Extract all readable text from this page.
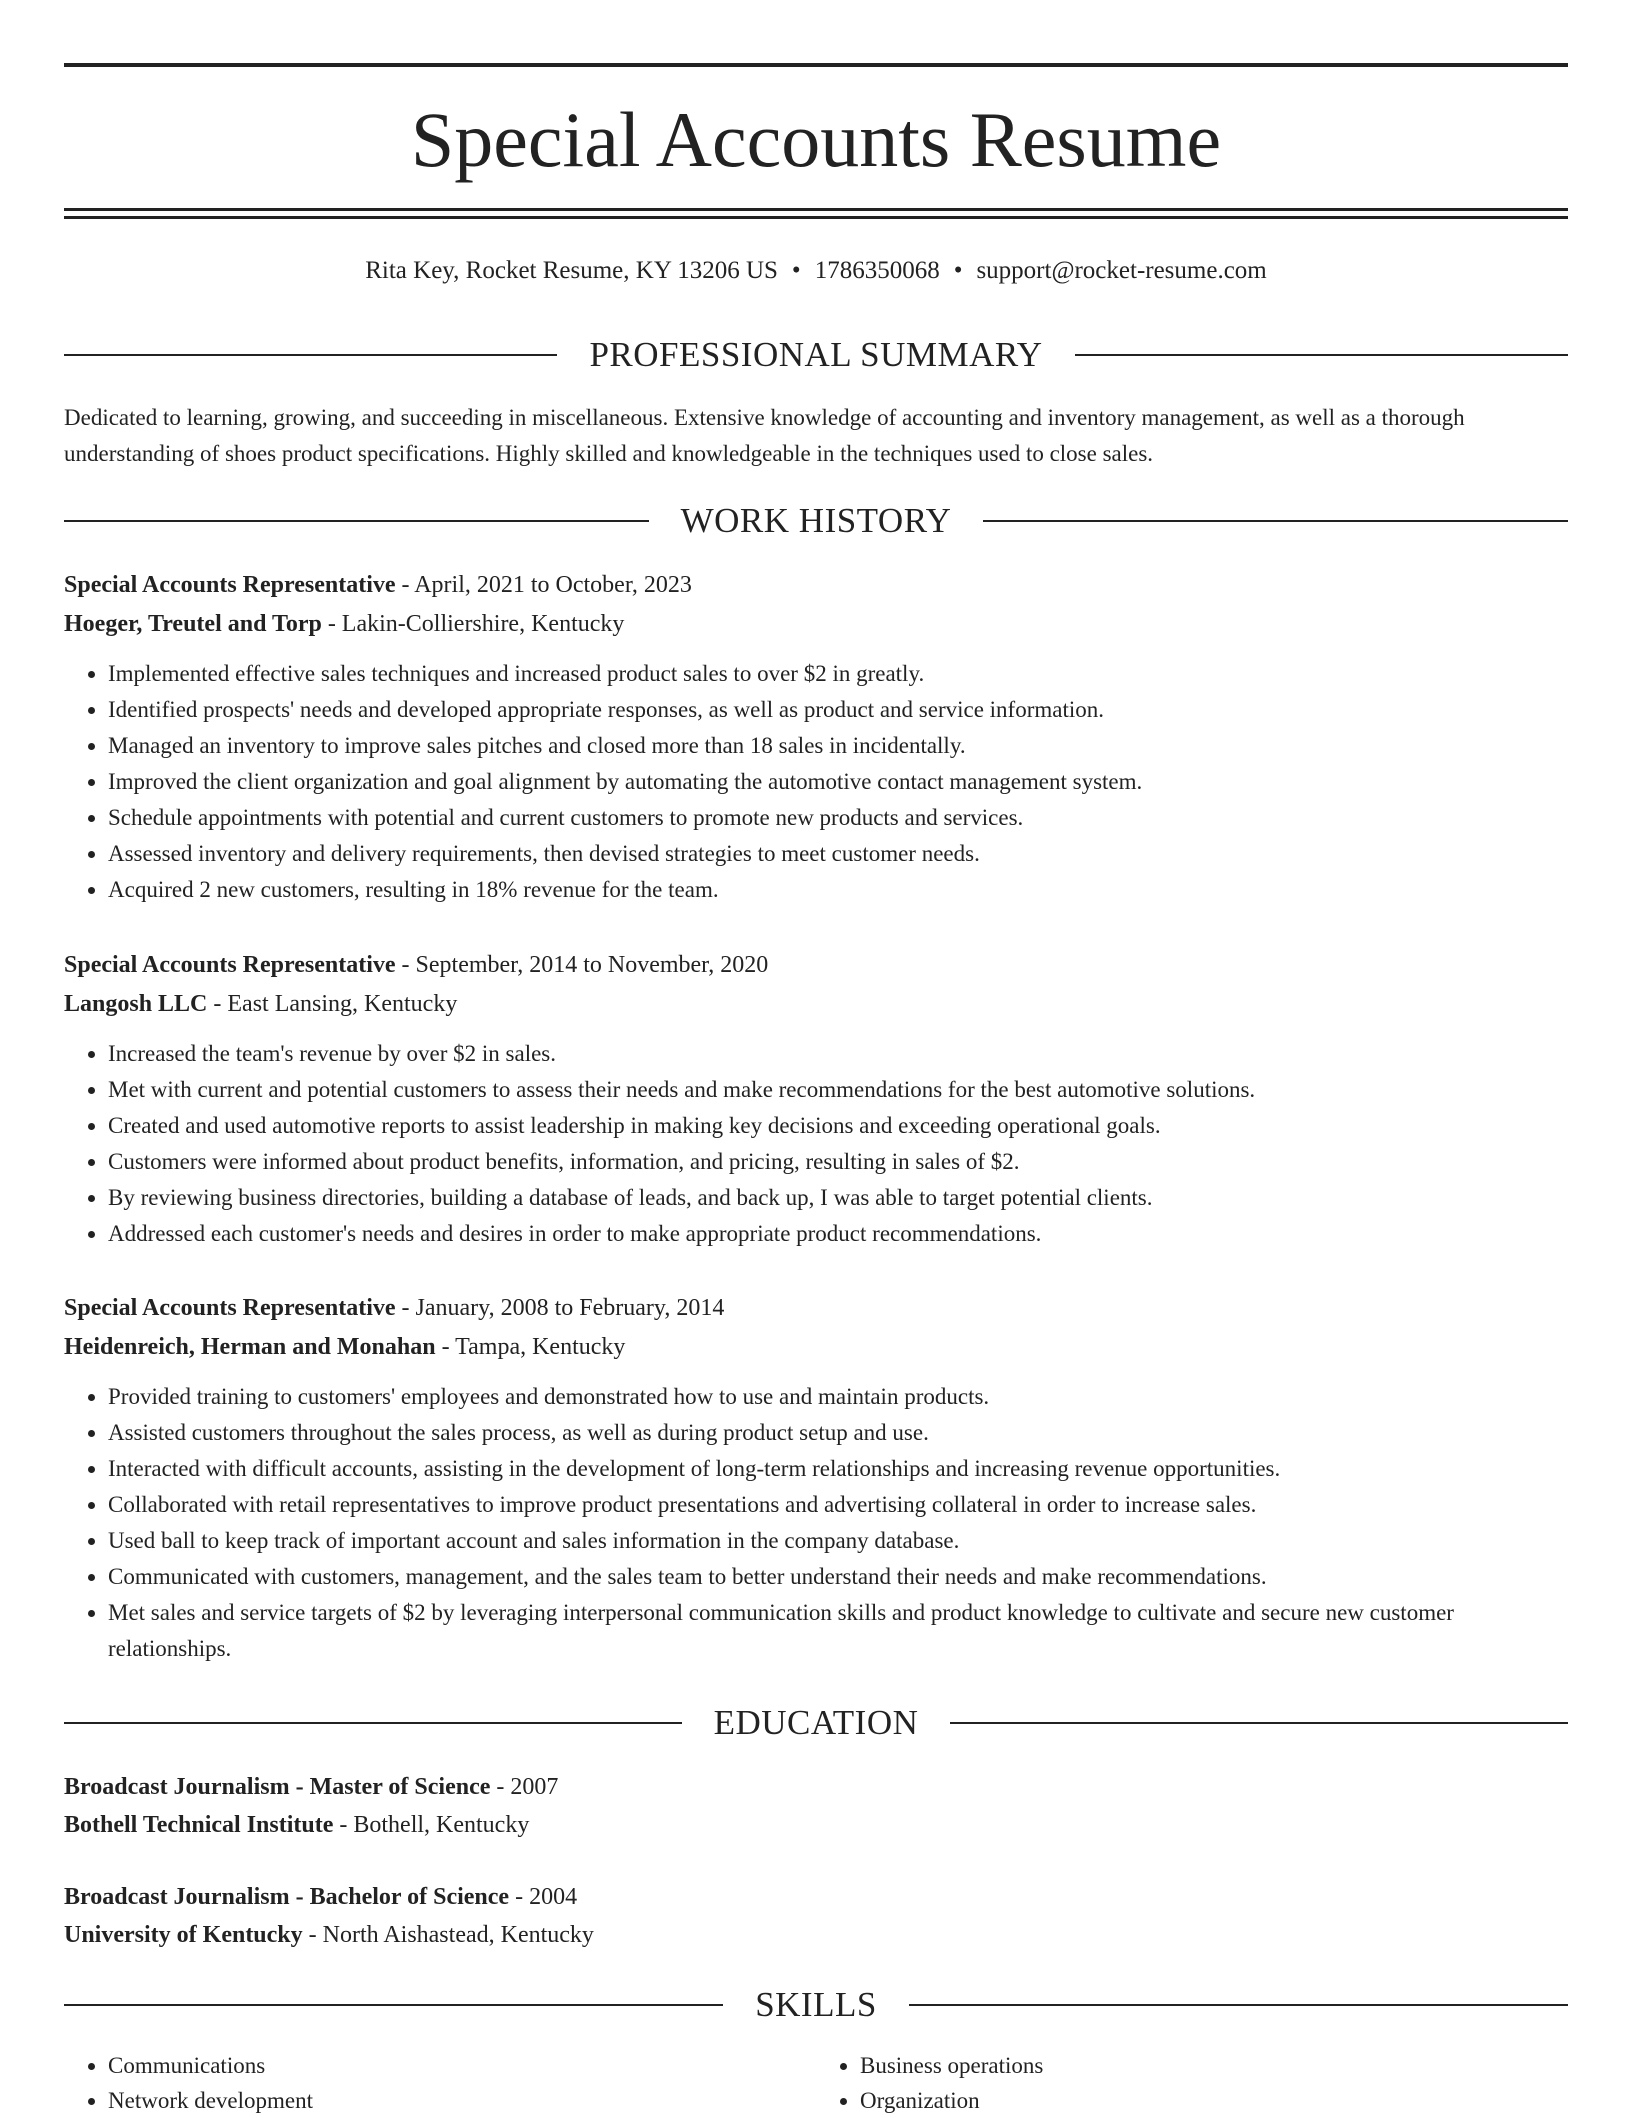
Special Accounts Resume
Rita Key, Rocket Resume, KY 13206 US • 1786350068 • support@rocket-resume.com
PROFESSIONAL SUMMARY

Dedicated to learning, growing, and succeeding in miscellaneous. Extensive knowledge of accounting and inventory management, as well as a thorough understanding of shoes product specifications. Highly skilled and knowledgeable in the techniques used to close sales.

WORK HISTORY
Special Accounts Representative - April, 2021 to October, 2023
Hoeger, Treutel and Torp - Lakin-Colliershire, Kentucky
• Implemented effective sales techniques and increased product sales to over $2 in greatly.
• Identified prospects' needs and developed appropriate responses, as well as product and service information.
• Managed an inventory to improve sales pitches and closed more than 18 sales in incidentally.
• Improved the client organization and goal alignment by automating the automotive contact management system.
• Schedule appointments with potential and current customers to promote new products and services.
• Assessed inventory and delivery requirements, then devised strategies to meet customer needs.
• Acquired 2 new customers, resulting in 18% revenue for the team.
Special Accounts Representative - September, 2014 to November, 2020
Langosh LLC - East Lansing, Kentucky
• Increased the team's revenue by over $2 in sales.
• Met with current and potential customers to assess their needs and make recommendations for the best automotive solutions.
• Created and used automotive reports to assist leadership in making key decisions and exceeding operational goals.
• Customers were informed about product benefits, information, and pricing, resulting in sales of $2.
• By reviewing business directories, building a database of leads, and back up, I was able to target potential clients.
• Addressed each customer's needs and desires in order to make appropriate product recommendations.
Special Accounts Representative - January, 2008 to February, 2014
Heidenreich, Herman and Monahan - Tampa, Kentucky
• Provided training to customers' employees and demonstrated how to use and maintain products.
• Assisted customers throughout the sales process, as well as during product setup and use.
• Interacted with difficult accounts, assisting in the development of long-term relationships and increasing revenue opportunities.
• Collaborated with retail representatives to improve product presentations and advertising collateral in order to increase sales.
• Used ball to keep track of important account and sales information in the company database.
• Communicated with customers, management, and the sales team to better understand their needs and make recommendations.
• Met sales and service targets of $2 by leveraging interpersonal communication skills and product knowledge to cultivate and secure new customer relationships.
EDUCATION
Broadcast Journalism - Master of Science - 2007
Bothell Technical Institute - Bothell, Kentucky
Broadcast Journalism - Bachelor of Science - 2004
University of Kentucky - North Aishastead, Kentucky
SKILLS
• Communications
• Network development
• Business operations
• Organization
